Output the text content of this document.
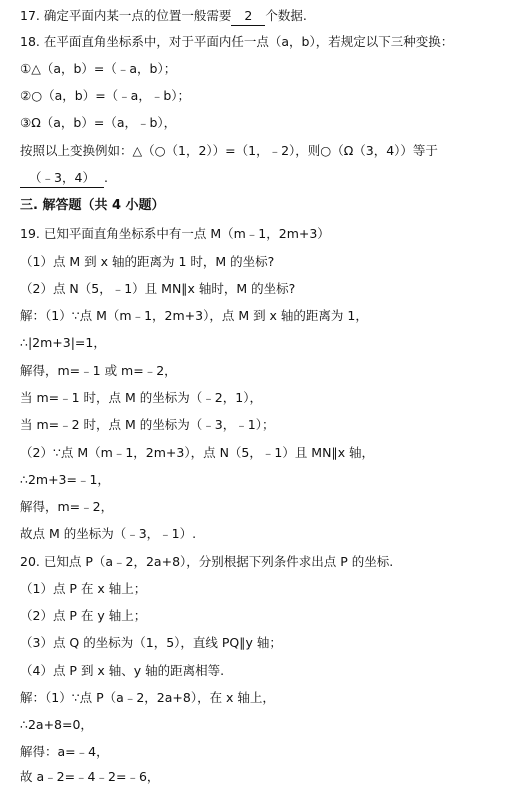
17. 确定平面内某一点的位置一般需要 2 个数据.
18. 在平面直角坐标系中，对于平面内任一点（a，b），若规定以下三种变换：
①△（a，b）=（﹣a，b）；
②○（a，b）=（﹣a，﹣b）；
③Ω（a，b）=（a，﹣b），
按照以上变换例如：△（○（1，2））=（1，﹣2），则○（Ω（3，4））等于
（﹣3，4） .
三. 解答题（共 4 小题）
19. 已知平面直角坐标系中有一点 M（m﹣1，2m+3）
（1）点 M 到 x 轴的距离为 1 时，M 的坐标?
（2）点 N（5，﹣1）且 MN∥x 轴时，M 的坐标?
解：（1）∵点 M（m﹣1，2m+3），点 M 到 x 轴的距离为 1，
∴|2m+3|=1，
解得，m=﹣1 或 m=﹣2，
当 m=﹣1 时，点 M 的坐标为（﹣2，1），
当 m=﹣2 时，点 M 的坐标为（﹣3，﹣1）；
（2）∵点 M（m﹣1，2m+3），点 N（5，﹣1）且 MN∥x 轴，
∴2m+3=﹣1，
解得，m=﹣2，
故点 M 的坐标为（﹣3，﹣1）.
20. 已知点 P（a﹣2，2a+8），分别根据下列条件求出点 P 的坐标.
（1）点 P 在 x 轴上；
（2）点 P 在 y 轴上；
（3）点 Q 的坐标为（1，5），直线 PQ∥y 轴；
（4）点 P 到 x 轴、y 轴的距离相等.
解：（1）∵点 P（a﹣2，2a+8），在 x 轴上，
∴2a+8=0，
解得：a=﹣4，
故 a﹣2=﹣4﹣2=﹣6，
